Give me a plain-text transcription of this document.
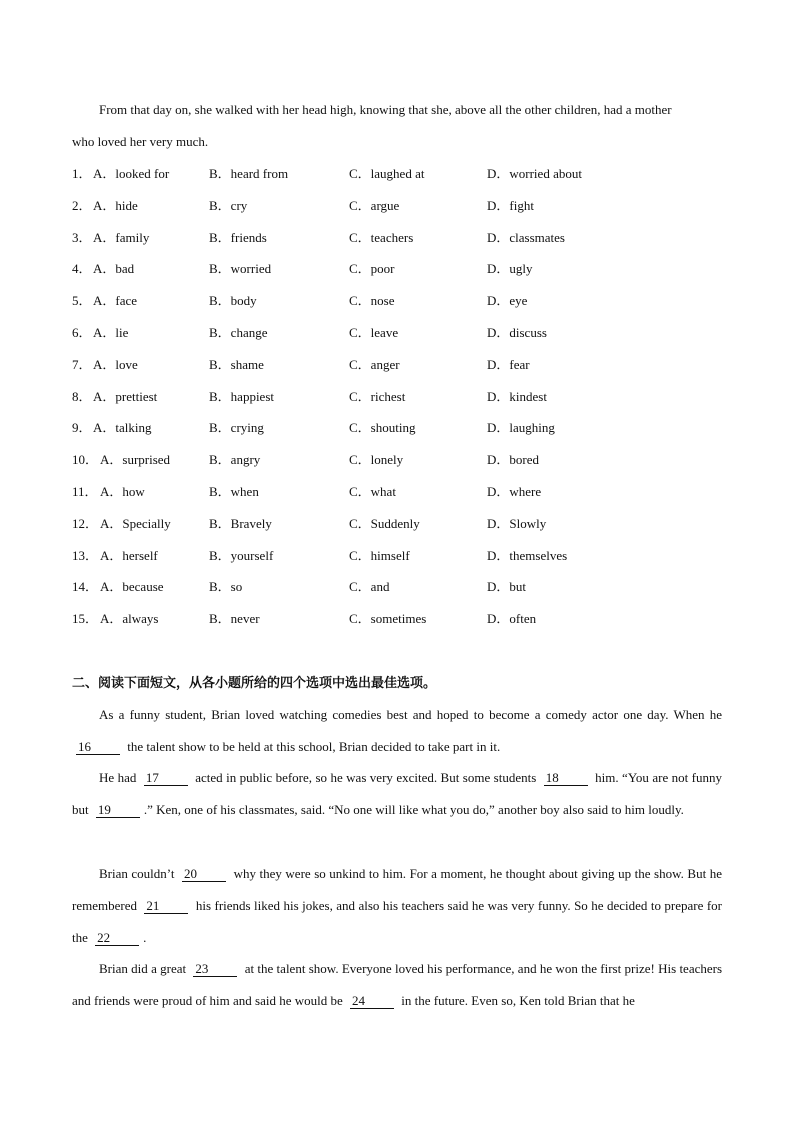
From that day on, she walked with her head high, knowing that she, above all the other children, had a mother
who loved her very much.
1． A．looked for	B．heard from	C．laughed at	D．worried about
2． A．hide	B．cry	C．argue	D．fight
3． A．family	B．friends	C．teachers	D．classmates
4． A．bad	B．worried	C．poor	D．ugly
5． A．face	B．body	C．nose	D．eye
6． A．lie	B．change	C．leave	D．discuss
7． A．love	B．shame	C．anger	D．fear
8． A．prettiest	B．happiest	C．richest	D．kindest
9． A．talking	B．crying	C．shouting	D．laughing
10． A．surprised	B．angry	C．lonely	D．bored
11． A．how	B．when	C．what	D．where
12． A．Specially	B．Bravely	C．Suddenly	D．Slowly
13． A．herself	B．yourself	C．himself	D．themselves
14． A．because	B．so	C．and	D．but
15． A．always	B．never	C．sometimes	D．often
二、阅读下面短文，从各小题所给的四个选项中选出最佳选项。

As a funny student, Brian loved watching comedies best and hoped to become a comedy actor one day. When he 16	the talent show to be held at this school, Brian decided to take part in it.

He had 17	acted in public before, so he was very excited. But some students 18	him. “You are not funny but 19	.” Ken, one of his classmates, said. “No one will like what you do,” another boy also said to him loudly.

Brian couldn’t 20	why they were so unkind to him. For a moment, he thought about giving up the show. But he remembered 21	his friends liked his jokes, and also his teachers said he was very funny. So he decided to prepare for the 22	.

Brian did a great 23	at the talent show. Everyone loved his performance, and he won the first prize! His teachers and friends were proud of him and said he would be 24	in the future. Even so, Ken told Brian that he
